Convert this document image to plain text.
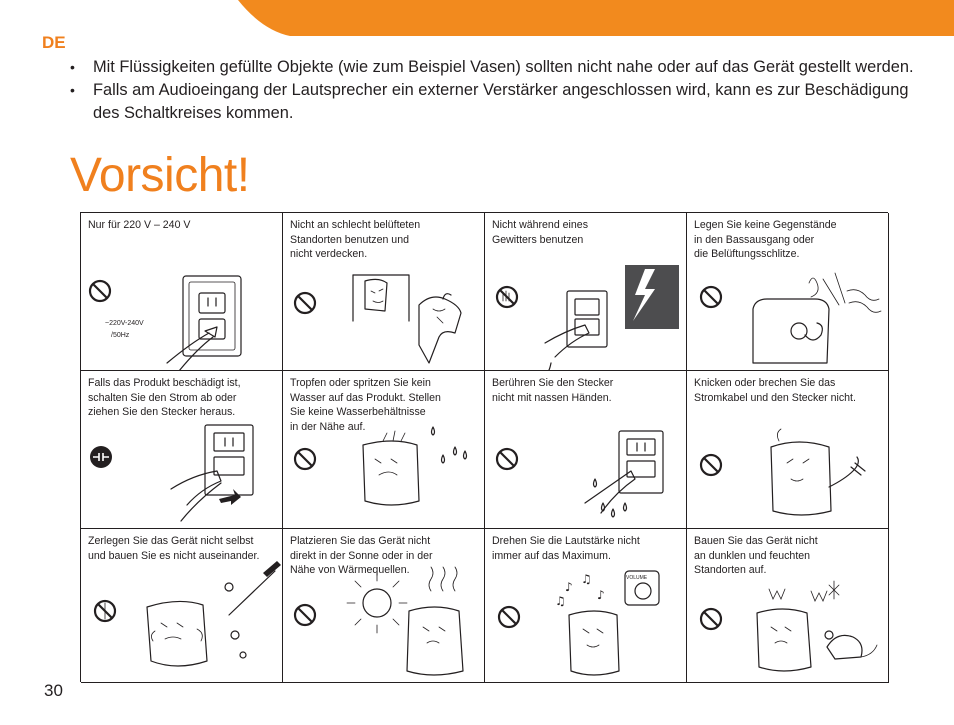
DE
• Mit Flüssigkeiten gefüllte Objekte (wie zum Beispiel Vasen) sollten nicht nahe oder auf das Gerät gestellt werden.
• Falls am Audioeingang der Lautsprecher ein externer Verstärker angeschlossen wird, kann es zur Beschädigung des Schaltkreises kommen.
Vorsicht!
Nur für 220 V – 240 V
~220V-240V
/50Hz
Nicht an schlecht belüfteten
Standorten benutzen und
nicht verdecken.
Nicht während eines
Gewitters benutzen
Legen Sie keine Gegenstände
in den Bassausgang oder
die Belüftungsschlitze.
Falls das Produkt beschädigt ist,
schalten Sie den Strom ab oder
ziehen Sie den Stecker heraus.
Tropfen oder spritzen Sie kein
Wasser auf das Produkt. Stellen
Sie keine Wasserbehältnisse
in der Nähe auf.
Berühren Sie den Stecker
nicht mit nassen Händen.
Knicken oder brechen Sie das
Stromkabel und den Stecker nicht.
Zerlegen Sie das Gerät nicht selbst
und bauen Sie es nicht auseinander.
Platzieren Sie das Gerät nicht
direkt in der Sonne oder in der
Nähe von Wärmequellen.
Drehen Sie die Lautstärke nicht
immer auf das Maximum.
♪
♫
♪
♫
VOLUME
Bauen Sie das Gerät nicht
an dunklen und feuchten
Standorten auf.
30
